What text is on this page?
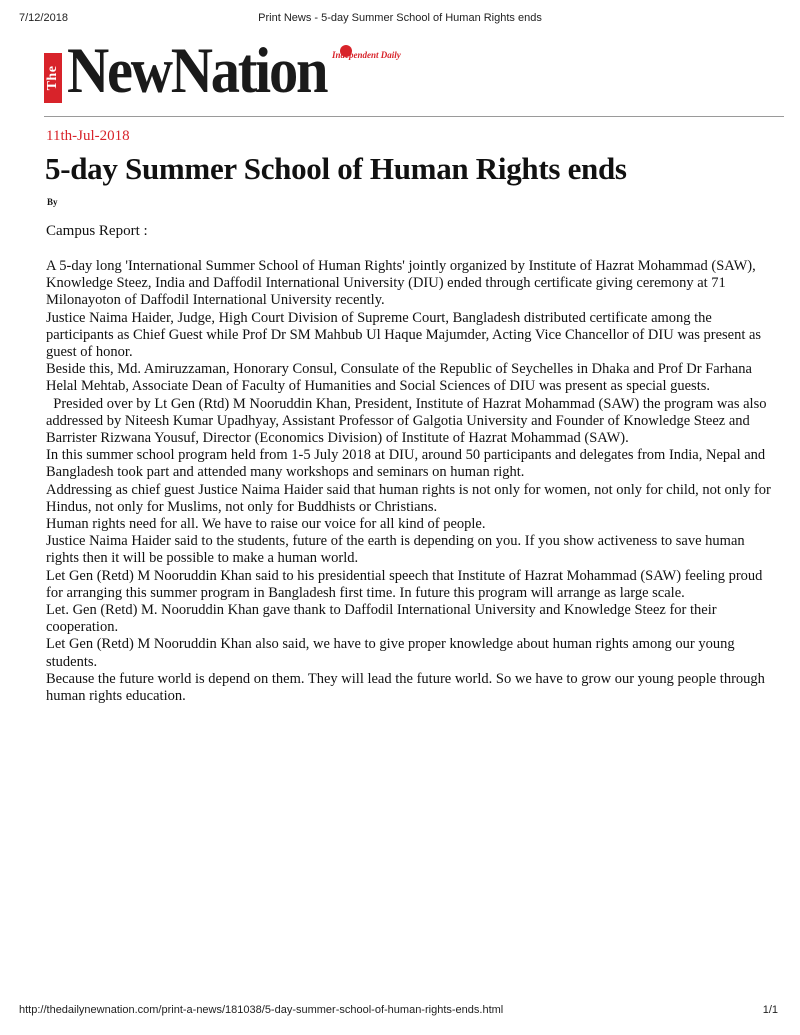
7/12/2018	Print News - 5-day Summer School of Human Rights ends
The NewNation Independent Daily
11th-Jul-2018
5-day Summer School of Human Rights ends
By
Campus Report :

A 5-day long 'International Summer School of Human Rights' jointly organized by Institute of Hazrat Mohammad (SAW), Knowledge Steez, India and Daffodil International University (DIU) ended through certificate giving ceremony at 71 Milonayoton of Daffodil International University recently.

Justice Naima Haider, Judge, High Court Division of Supreme Court, Bangladesh distributed certificate among the participants as Chief Guest while Prof Dr SM Mahbub Ul Haque Majumder, Acting Vice Chancellor of DIU was present as guest of honor.

Beside this, Md. Amiruzzaman, Honorary Consul, Consulate of the Republic of Seychelles in Dhaka and Prof Dr Farhana Helal Mehtab, Associate Dean of Faculty of Humanities and Social Sciences of DIU was present as special guests.

Presided over by Lt Gen (Rtd) M Nooruddin Khan, President, Institute of Hazrat Mohammad (SAW) the program was also addressed by Niteesh Kumar Upadhyay, Assistant Professor of Galgotia University and Founder of Knowledge Steez and Barrister Rizwana Yousuf, Director (Economics Division) of Institute of Hazrat Mohammad (SAW).

In this summer school program held from 1-5 July 2018 at DIU, around 50 participants and delegates from India, Nepal and Bangladesh took part and attended many workshops and seminars on human right.

Addressing as chief guest Justice Naima Haider said that human rights is not only for women, not only for child, not only for Hindus, not only for Muslims, not only for Buddhists or Christians.

Human rights need for all. We have to raise our voice for all kind of people.

Justice Naima Haider said to the students, future of the earth is depending on you. If you show activeness to save human rights then it will be possible to make a human world.

Let Gen (Retd) M Nooruddin Khan said to his presidential speech that Institute of Hazrat Mohammad (SAW) feeling proud for arranging this summer program in Bangladesh first time. In future this program will arrange as large scale.

Let. Gen (Retd) M. Nooruddin Khan gave thank to Daffodil International University and Knowledge Steez for their cooperation.

Let Gen (Retd) M Nooruddin Khan also said, we have to give proper knowledge about human rights among our young students.

Because the future world is depend on them. They will lead the future world. So we have to grow our young people through human rights education.

http://thedailynewnation.com/print-a-news/181038/5-day-summer-school-of-human-rights-ends.html	1/1
